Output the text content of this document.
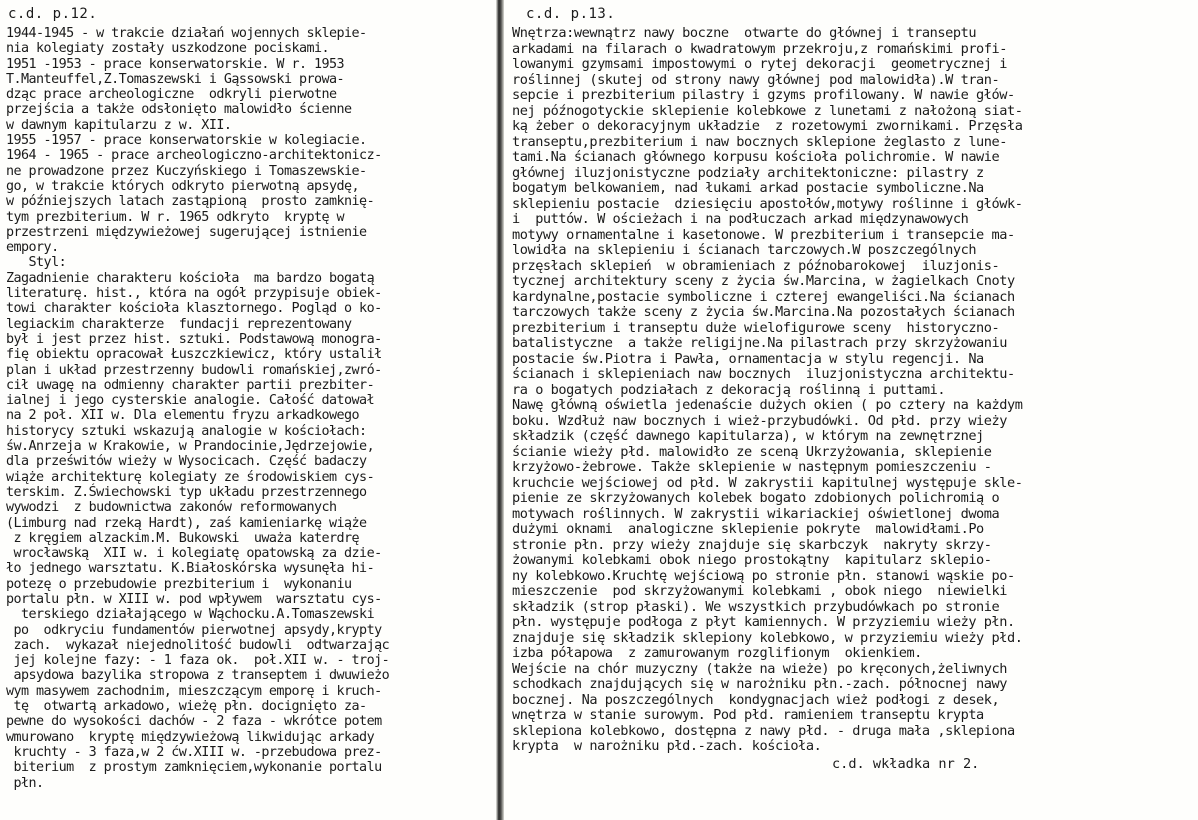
c.d. p.12.
1944-1945 - w trakcie działań wojennych sklepie-
nia kolegiaty zostały uszkodzone pociskami.
1951 -1953 - prace konserwatorskie. W r. 1953
T.Manteuffel,Z.Tomaszewski i Gąssowski prowa-
dząc prace archeologiczne  odkryli pierwotne
przejścia a także odsłonięto malowidło ścienne
w dawnym kapitularzu z w. XII.
1955 -1957 - prace konserwatorskie w kolegiacie.
1964 - 1965 - prace archeologiczno-architektonicz-
ne prowadzone przez Kuczyńskiego i Tomaszewskie-
go, w trakcie których odkryto pierwotną apsydę,
w późniejszych latach zastąpioną  prosto zamknię-
tym prezbiterium. W r. 1965 odkryto  kryptę w
przestrzeni międzywieżowej sugerującej istnienie
empory.
Styl:
Zagadnienie charakteru kościoła  ma bardzo bogatą
literaturę. hist., która na ogół przypisuje obiek-
towi charakter kościoła klasztornego. Pogląd o ko-
legiackim charakterze  fundacji reprezentowany
był i jest przez hist. sztuki. Podstawową monogra-
fię obiektu opracował Łuszczkiewicz, który ustalił
plan i układ przestrzenny budowli romańskiej,zwró-
cił uwagę na odmienny charakter partii prezbiter-
ialnej i jego cysterskie analogie. Całość datował
na 2 poł. XII w. Dla elementu fryzu arkadkowego
historycy sztuki wskazują analogie w kościołach:
św.Anrzeja w Krakowie, w Prandocinie,Jędrzejowie,
dla prześwitów wieży w Wysocicach. Część badaczy
wiąże architekturę kolegiaty ze środowiskiem cys-
terskim. Z.Świechowski typ układu przestrzennego
wywodzi  z budownictwa zakonów reformowanych
(Limburg nad rzeką Hardt), zaś kamieniarkę wiąże
z kręgiem alzackim.M. Bukowski  uważa katerdrę
wrocławską  XII w. i kolegiatę opatowską za dzie-
ło jednego warsztatu. K.Białoskórska wysunęła hi-
potezę o przebudowie prezbiterium i  wykonaniu
portalu płn. w XIII w. pod wpływem  warsztatu cys-
terskiego działającego w Wąchocku.A.Tomaszewski
po  odkryciu fundamentów pierwotnej apsydy,krypty
zach.  wykazał niejednolitość budowli  odtwarzając
jej kolejne fazy: - 1 faza ok.  poł.XII w. - troj-
apsydowa bazylika stropowa z transeptem i dwuwieżo
wym masywem zachodnim, mieszczącym emporę i kruch-
tę  otwartą arkadowo, wieżę płn. docignięto za-
pewne do wysokości dachów - 2 faza - wkrótce potem
wmurowano  kryptę międzywieżową likwidując arkady
kruchty - 3 faza,w 2 ćw.XIII w. -przebudowa prez-
biterium  z prostym zamknięciem,wykonanie portalu
płn.
c.d. p.13.
Wnętrza:wewnątrz nawy boczne  otwarte do głównej i transeptu
arkadami na filarach o kwadratowym przekroju,z romańskimi profi-
lowanymi gzymsami impostowymi o rytej dekoracji  geometrycznej i
roślinnej (skutej od strony nawy głównej pod malowidła).W tran-
sepcie i prezbiterium pilastry i gzyms profilowany. W nawie głów-
nej późnogotyckie sklepienie kolebkowe z lunetami z nałożoną siat-
ką żeber o dekoracyjnym układzie  z rozetowymi zwornikami. Przęsła
transeptu,prezbiterium i naw bocznych sklepione żeglasto z lune-
tami.Na ścianach głównego korpusu kościoła polichromie. W nawie
głównej iluzjonistyczne podziały architektoniczne: pilastry z
bogatym belkowaniem, nad łukami arkad postacie symboliczne.Na
sklepieniu postacie  dziesięciu apostołów,motywy roślinne i główk-
i  puttów. W ościeżach i na podłuczach arkad międzynawowych
motywy ornamentalne i kasetonowe. W prezbiterium i transepcie ma-
lowidła na sklepieniu i ścianach tarczowych.W poszczególnych
przęsłach sklepień  w obramieniach z późnobarokowej  iluzjonis-
tycznej architektury sceny z życia św.Marcina, w żagielkach Cnoty
kardynalne,postacie symboliczne i czterej ewangeliści.Na ścianach
tarczowych także sceny z życia św.Marcina.Na pozostałych ścianach
prezbiterium i transeptu duże wielofigurowe sceny  historyczno-
batalistyczne  a także religijne.Na pilastrach przy skrzyżowaniu
postacie św.Piotra i Pawła, ornamentacja w stylu regencji. Na
ścianach i sklepieniach naw bocznych  iluzjonistyczna architektu-
ra o bogatych podziałach z dekoracją roślinną i puttami.
Nawę główną oświetla jedenaście dużych okien ( po cztery na każdym
boku. Wzdłuż naw bocznych i wież-przybudówki. Od płd. przy wieży
składzik (część dawnego kapitularza), w którym na zewnętrznej
ścianie wieży płd. malowidło ze sceną Ukrzyżowania, sklepienie
krzyżowo-żebrowe. Także sklepienie w następnym pomieszczeniu -
kruchcie wejściowej od płd. W zakrystii kapitulnej występuje skle-
pienie ze skrzyżowanych kolebek bogato zdobionych polichromią o
motywach roślinnych. W zakrystii wikariackiej oświetlonej dwoma
dużymi oknami  analogiczne sklepienie pokryte  malowidłami.Po
stronie płn. przy wieży znajduje się skarbczyk  nakryty skrzy-
żowanymi kolebkami obok niego prostokątny  kapitularz sklepio-
ny kolebkowo.Kruchtę wejściową po stronie płn. stanowi wąskie po-
mieszczenie  pod skrzyżowanymi kolebkami , obok niego  niewielki
składzik (strop płaski). We wszystkich przybudówkach po stronie
płn. występuje podłoga z płyt kamiennych. W przyziemiu wieży płn.
znajduje się składzik sklepiony kolebkowo, w przyziemiu wieży płd.
izba półapowa  z zamurowanym rozglifionym  okienkiem.
Wejście na chór muzyczny (także na wieże) po kręconych,żeliwnych
schodkach znajdujących się w narożniku płn.-zach. północnej nawy
bocznej. Na poszczególnych  kondygnacjach wież podłogi z desek,
wnętrza w stanie surowym. Pod płd. ramieniem transeptu krypta
sklepiona kolebkowo, dostępna z nawy płd. - druga mała ,sklepiona
krypta  w narożniku płd.-zach. kościoła.
c.d. wkładka nr 2.
